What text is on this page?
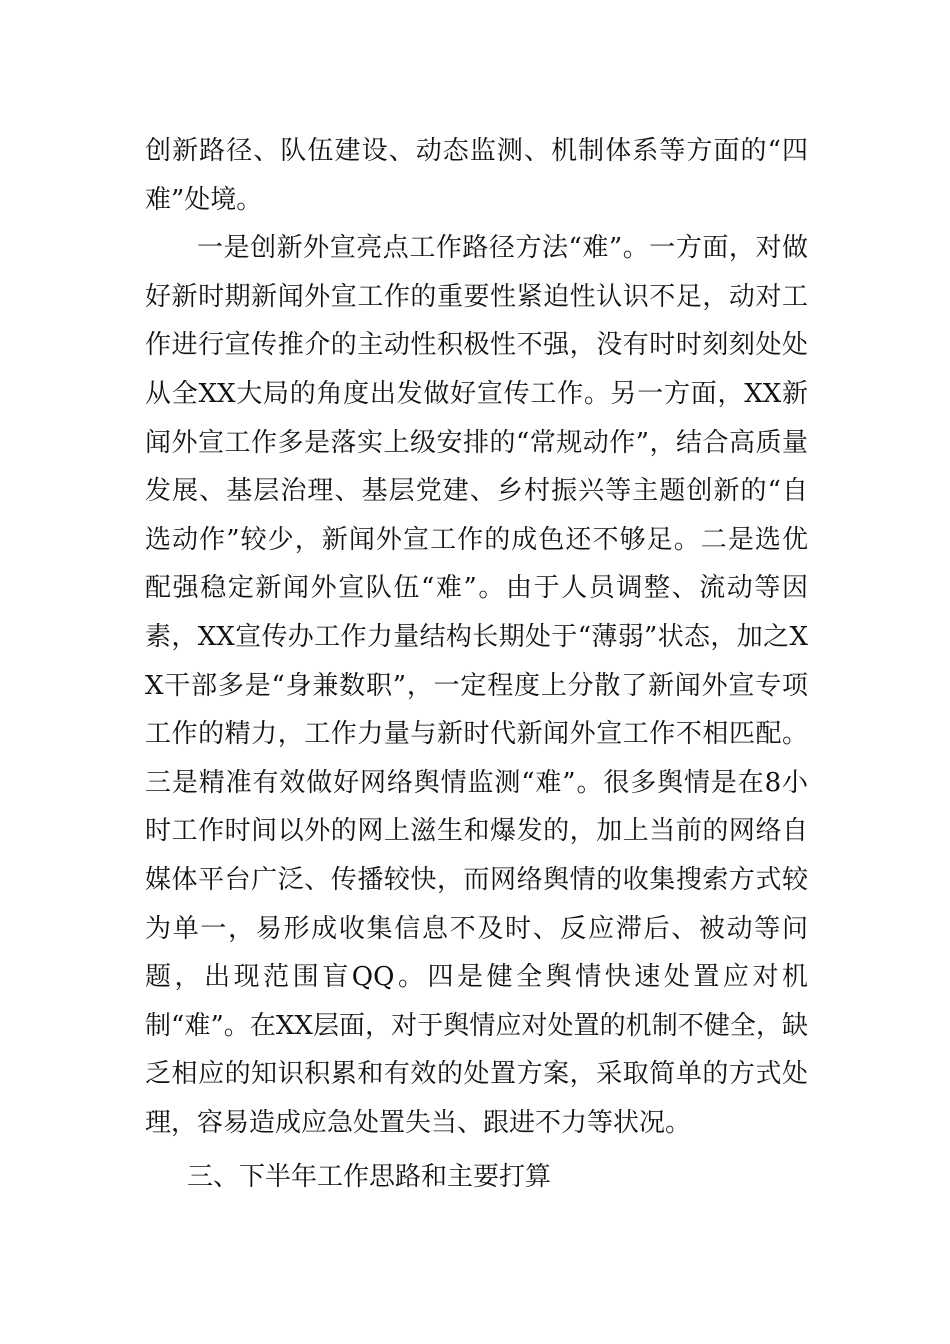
创新路径、队伍建设、动态监测、机制体系等方面的“四难”处境。

一是创新外宣亮点工作路径方法“难”。一方面，对做好新时期新闻外宣工作的重要性紧迫性认识不足，动对工作进行宣传推介的主动性积极性不强，没有时时刻刻处处从全XX大局的角度出发做好宣传工作。另一方面，XX新闻外宣工作多是落实上级安排的“常规动作”，结合高质量发展、基层治理、基层党建、乡村振兴等主题创新的“自选动作”较少，新闻外宣工作的成色还不够足。二是选优配强稳定新闻外宣队伍“难”。由于人员调整、流动等因素，XX宣传办工作力量结构长期处于“薄弱”状态，加之XX干部多是“身兼数职”，一定程度上分散了新闻外宣专项工作的精力，工作力量与新时代新闻外宣工作不相匹配。三是精准有效做好网络舆情监测“难”。很多舆情是在8小时工作时间以外的网上滋生和爆发的，加上当前的网络自媒体平台广泛、传播较快，而网络舆情的收集搜索方式较为单一，易形成收集信息不及时、反应滞后、被动等问题，出现范围盲QQ。四是健全舆情快速处置应对机制“难”。在XX层面，对于舆情应对处置的机制不健全，缺乏相应的知识积累和有效的处置方案，采取简单的方式处理，容易造成应急处置失当、跟进不力等状况。

三、下半年工作思路和主要打算
